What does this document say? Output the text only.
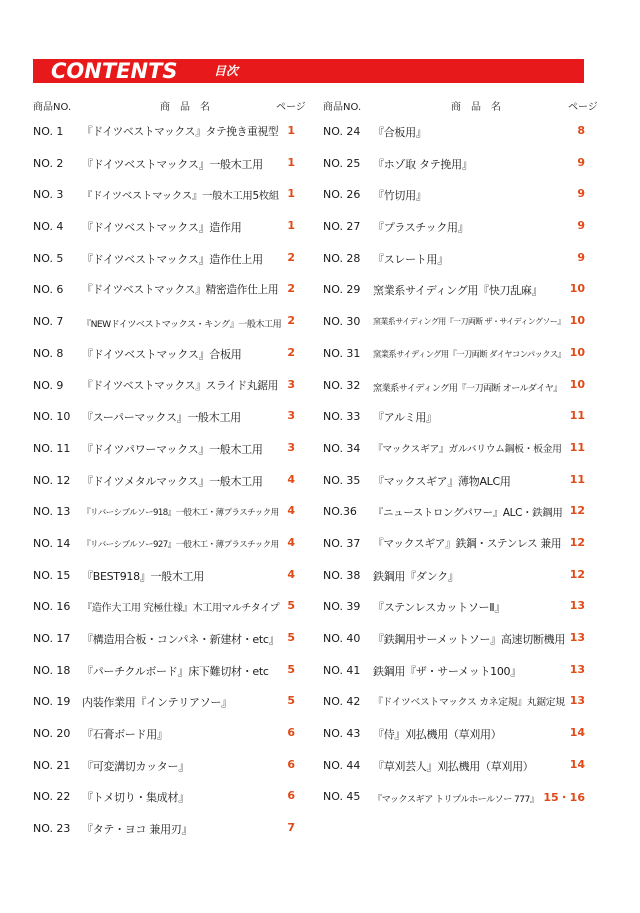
CONTENTS	目次
商品NO.	商　品　名	ページ 商品NO.	商　品　名	ページ
NO. 1 『ドイツベストマックス』タテ挽き重視型 1
NO. 2 『ドイツベストマックス』一般木工用 1
NO. 3 『ドイツベストマックス』一般木工用5枚組 1
NO. 4 『ドイツベストマックス』造作用	1
NO. 5 『ドイツベストマックス』造作仕上用 2
NO. 6 『ドイツベストマックス』精密造作仕上用 2
NO. 7 『NEWドイツベストマックス・キング』一般木工用 2
NO. 8 『ドイツベストマックス』合板用	2
NO. 9 『ドイツベストマックス』スライド丸鋸用 3
NO. 10 『スーパーマックス』一般木工用	3
NO. 11 『ドイツパワーマックス』一般木工用 3
NO. 12 『ドイツメタルマックス』一般木工用 4
NO. 13 『リバーシブルソー918』一般木工・薄プラスチック用 4
NO. 14 『リバーシブルソー927』一般木工・薄プラスチック用 4
NO. 15 『BEST918』一般木工用	4
NO. 16 『造作大工用 究極仕様』木工用マルチタイプ 5
NO. 17 『構造用合板・コンパネ・新建材・etc』 5
NO. 18 『パーチクルボード』床下難切材・etc 5
NO. 19 内装作業用『インテリアソー』	5
NO. 20 『石膏ボード用』	6
NO. 21 『可変溝切カッター』	6
NO. 22 『トメ切り・集成材』	6
NO. 23 『タテ・ヨコ 兼用刃』	7
NO. 24 『合板用』	8
NO. 25 『ホゾ取 タテ挽用』	9
NO. 26 『竹切用』	9
NO. 27 『プラスチック用』	9
NO. 28 『スレート用』	9
NO. 29 窯業系サイディング用『快刀乱麻』 10
NO. 30 窯業系サイディング用『一刀両断 ザ・サイディングソー』 10
NO. 31 窯業系サイディング用『一刀両断 ダイヤコンパックス』 10
NO. 32 窯業系サイディング用『一刀両断 オールダイヤ』 10
NO. 33 『アルミ用』	11
NO. 34 『マックスギア』ガルバリウム鋼板・板金用 11
NO. 35 『マックスギア』薄物ALC用	11
NO.36 『ニューストロングパワー』ALC・鉄鋼用 12
NO. 37 『マックスギア』鉄鋼・ステンレス 兼用 12
NO. 38 鉄鋼用『ダンク』	12
NO. 39 『ステンレスカットソーⅡ』	13
NO. 40 『鉄鋼用サーメットソー』高速切断機用 13
NO. 41 鉄鋼用『ザ・サーメット100』	13
NO. 42 『ドイツベストマックス カネ定規』丸鋸定規 13
NO. 43 『侍』刈払機用（草刈用）	14
NO. 44 『草刈芸人』刈払機用（草刈用）	14
NO. 45 『マックスギア トリプルホールソー 777』 15・16
